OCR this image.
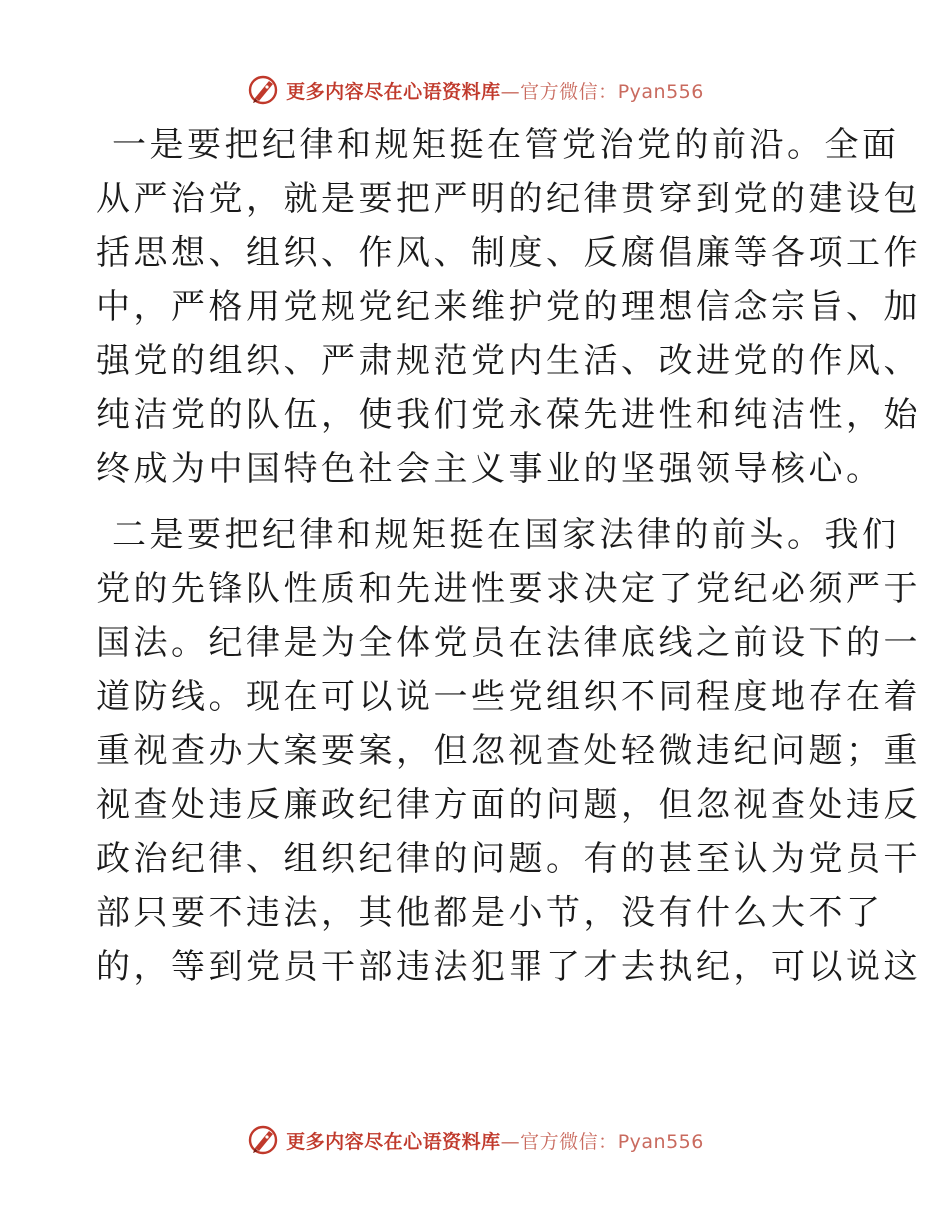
更多内容尽在心语资料库—官方微信：Pyan556
一是要把纪律和规矩挺在管党治党的前沿。全面
从严治党，就是要把严明的纪律贯穿到党的建设包
括思想、组织、作风、制度、反腐倡廉等各项工作
中，严格用党规党纪来维护党的理想信念宗旨、加
强党的组织、严肃规范党内生活、改进党的作风、
纯洁党的队伍，使我们党永葆先进性和纯洁性，始
终成为中国特色社会主义事业的坚强领导核心。
二是要把纪律和规矩挺在国家法律的前头。我们
党的先锋队性质和先进性要求决定了党纪必须严于
国法。纪律是为全体党员在法律底线之前设下的一
道防线。现在可以说一些党组织不同程度地存在着
重视查办大案要案，但忽视查处轻微违纪问题；重
视查处违反廉政纪律方面的问题，但忽视查处违反
政治纪律、组织纪律的问题。有的甚至认为党员干
部只要不违法，其他都是小节，没有什么大不了
的，等到党员干部违法犯罪了才去执纪，可以说这
更多内容尽在心语资料库—官方微信：Pyan556
